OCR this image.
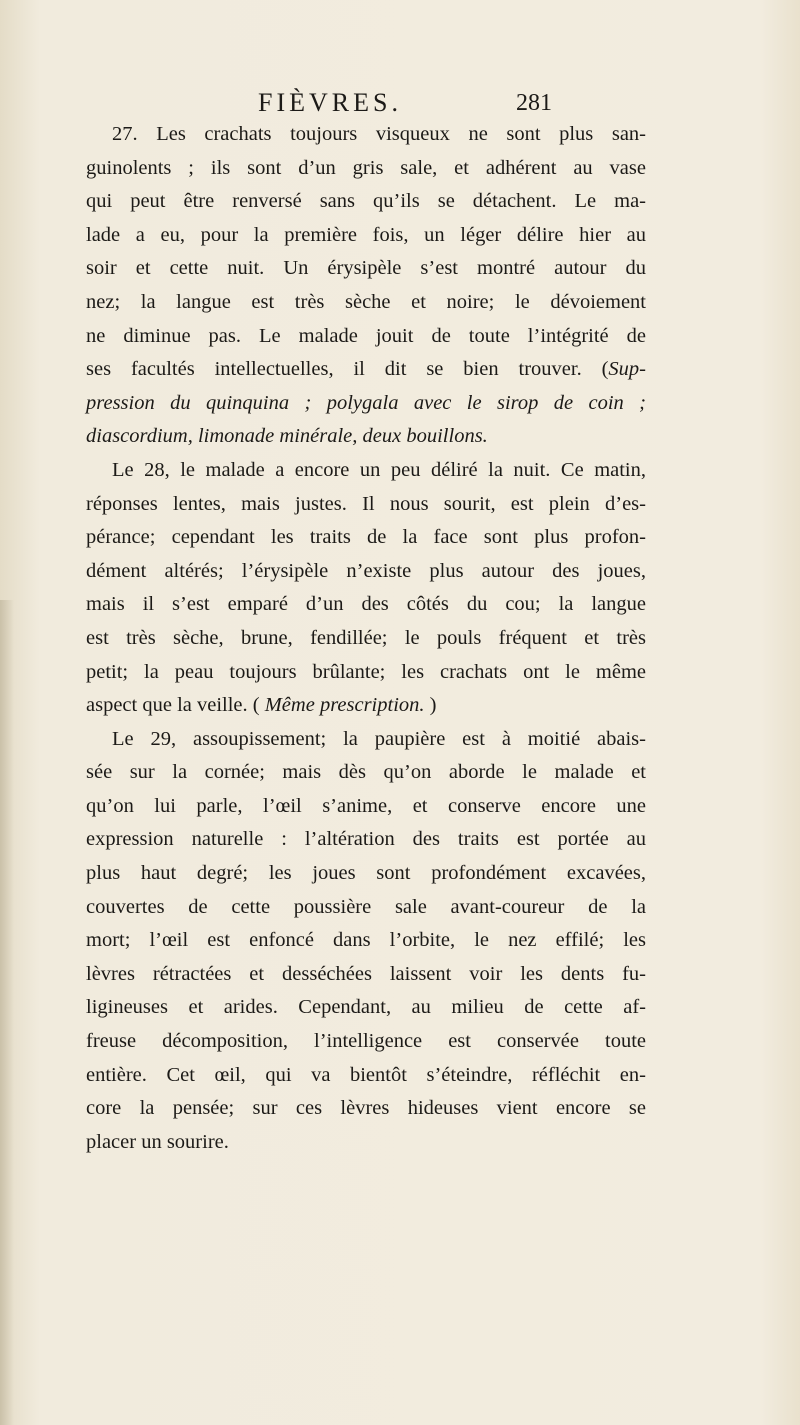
FIÈVRES.	281
27. Les crachats toujours visqueux ne sont plus san-
guinolents ; ils sont d’un gris sale, et adhérent au vase
qui peut être renversé sans qu’ils se détachent. Le ma-
lade a eu, pour la première fois, un léger délire hier au
soir et cette nuit. Un érysipèle s’est montré autour du
nez; la langue est très sèche et noire; le dévoiement
ne diminue pas. Le malade jouit de toute l’intégrité de
ses facultés intellectuelles, il dit se bien trouver. (Sup-
pression du quinquina ; polygala avec le sirop de coin ;
diascordium, limonade minérale, deux bouillons.
Le 28, le malade a encore un peu déliré la nuit. Ce matin,
réponses lentes, mais justes. Il nous sourit, est plein d’es-
pérance; cependant les traits de la face sont plus profon-
dément altérés; l’érysipèle n’existe plus autour des joues,
mais il s’est emparé d’un des côtés du cou; la langue
est très sèche, brune, fendillée; le pouls fréquent et très
petit; la peau toujours brûlante; les crachats ont le même
aspect que la veille. ( Même prescription. )
Le 29, assoupissement; la paupière est à moitié abais-
sée sur la cornée; mais dès qu’on aborde le malade et
qu’on lui parle, l’œil s’anime, et conserve encore une
expression naturelle : l’altération des traits est portée au
plus haut degré; les joues sont profondément excavées,
couvertes de cette poussière sale avant-coureur de la
mort; l’œil est enfoncé dans l’orbite, le nez effilé; les
lèvres rétractées et desséchées laissent voir les dents fu-
ligineuses et arides. Cependant, au milieu de cette af-
freuse décomposition, l’intelligence est conservée toute
entière. Cet œil, qui va bientôt s’éteindre, réfléchit en-
core la pensée; sur ces lèvres hideuses vient encore se
placer un sourire.
